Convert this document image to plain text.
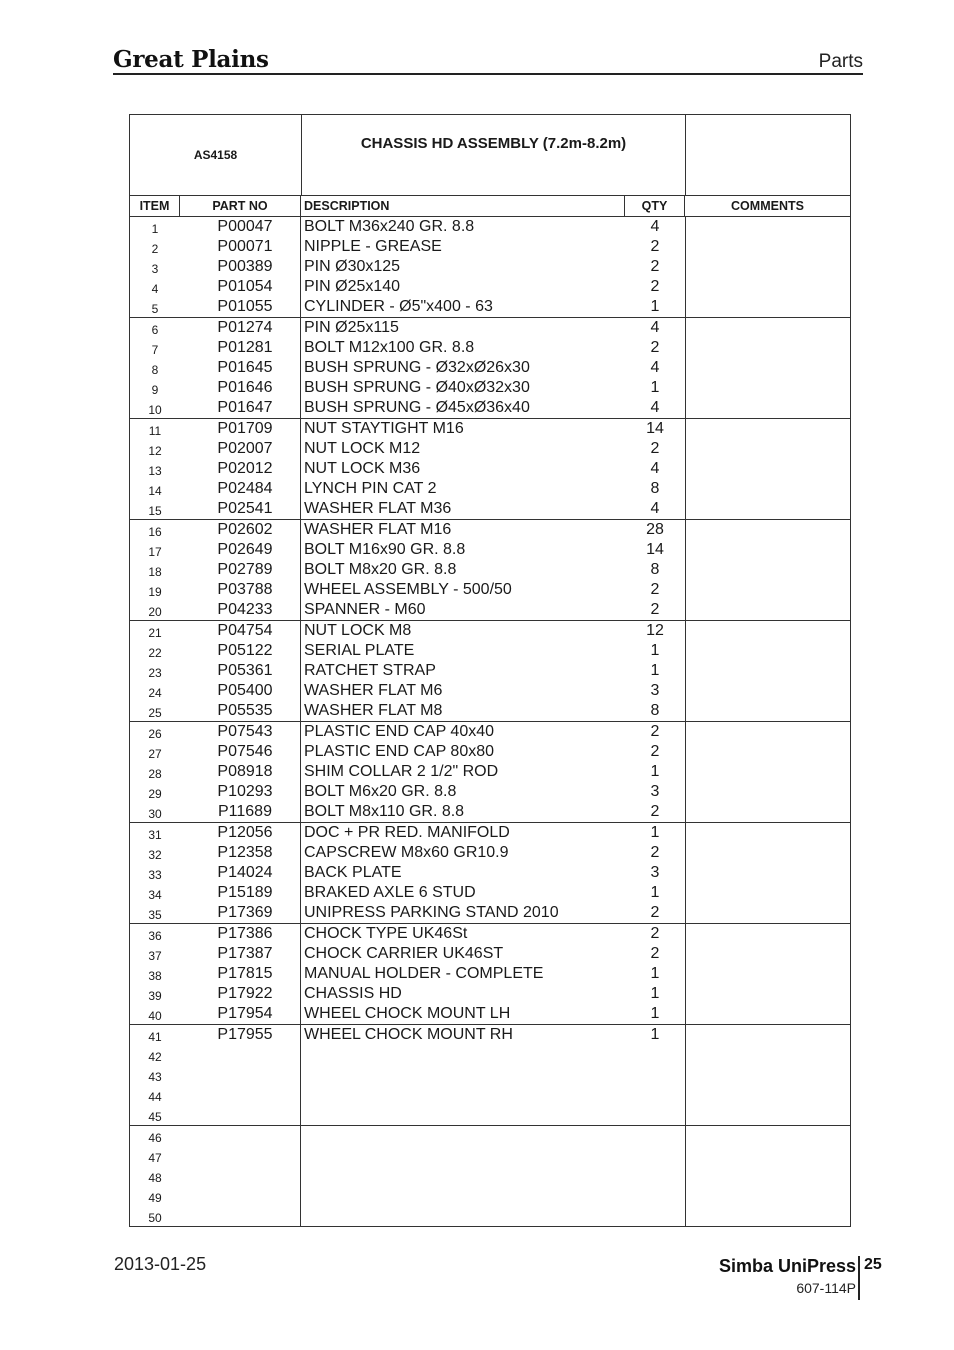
Great Plains	Parts
AS4158
CHASSIS HD ASSEMBLY (7.2m-8.2m)
ITEM	PART NO	DESCRIPTION	QTY	COMMENTS
1	P00047	BOLT M36x240 GR. 8.8	4
2	P00071	NIPPLE - GREASE	2
3	P00389	PIN Ø30x125	2
4	P01054	PIN Ø25x140	2
5	P01055	CYLINDER - Ø5"x400 - 63	1
6	P01274	PIN Ø25x115	4
7	P01281	BOLT M12x100 GR. 8.8	2
8	P01645	BUSH SPRUNG - Ø32xØ26x30	4
9	P01646	BUSH SPRUNG - Ø40xØ32x30	1
10	P01647	BUSH SPRUNG - Ø45xØ36x40	4
11	P01709	NUT STAYTIGHT M16	14
12	P02007	NUT LOCK M12	2
13	P02012	NUT LOCK M36	4
14	P02484	LYNCH PIN CAT 2	8
15	P02541	WASHER FLAT M36	4
16	P02602	WASHER FLAT M16	28
17	P02649	BOLT M16x90 GR. 8.8	14
18	P02789	BOLT M8x20 GR. 8.8	8
19	P03788	WHEEL ASSEMBLY - 500/50	2
20	P04233	SPANNER - M60	2
21	P04754	NUT LOCK M8	12
22	P05122	SERIAL PLATE	1
23	P05361	RATCHET STRAP	1
24	P05400	WASHER FLAT M6	3
25	P05535	WASHER FLAT M8	8
26	P07543	PLASTIC END CAP 40x40	2
27	P07546	PLASTIC END CAP 80x80	2
28	P08918	SHIM COLLAR 2 1/2" ROD	1
29	P10293	BOLT M6x20 GR. 8.8	3
30	P11689	BOLT M8x110 GR. 8.8	2
31	P12056	DOC + PR RED. MANIFOLD	1
32	P12358	CAPSCREW M8x60 GR10.9	2
33	P14024	BACK PLATE	3
34	P15189	BRAKED AXLE 6 STUD	1
35	P17369	UNIPRESS PARKING STAND 2010	2
36	P17386	CHOCK TYPE UK46St	2
37	P17387	CHOCK CARRIER UK46ST	2
38	P17815	MANUAL HOLDER - COMPLETE	1
39	P17922	CHASSIS HD	1
40	P17954	WHEEL CHOCK MOUNT LH	1
41	P17955	WHEEL CHOCK MOUNT RH	1
42
43
44
45
46
47
48
49
50
2013-01-25	Simba UniPress
607-114P
25
